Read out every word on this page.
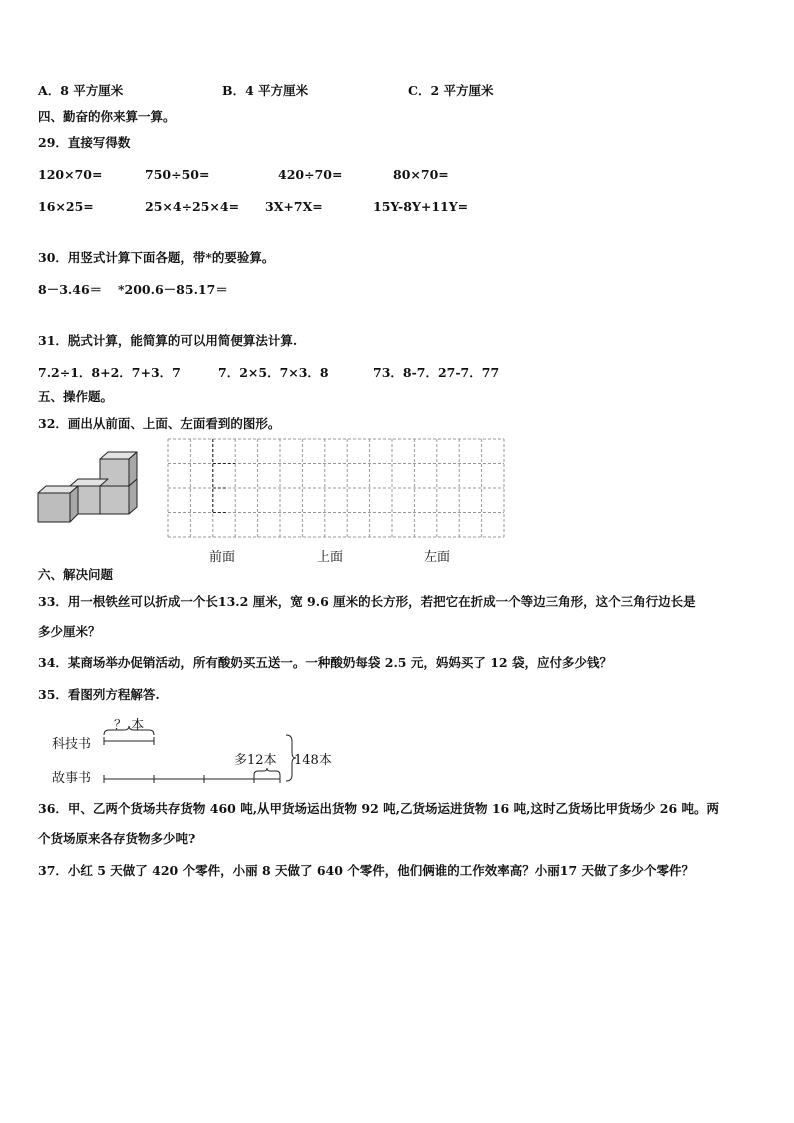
A．8 平方厘米	B．4 平方厘米	C．2 平方厘米
四、勤奋的你来算一算。
29．直接写得数
120×70=	750÷50=	420÷70=	80×70=
16×25=	25×4÷25×4= 3X+7X=	15Y-8Y+11Y=
30．用竖式计算下面各题，带*的要验算。
8－3.46＝ *200.6－85.17＝
31．脱式计算，能简算的可以用简便算法计算.
7.2÷1．8+2．7+3．7	7．2×5．7×3．8	73．8-7．27-7．77
五、操作题。
32．画出从前面、上面、左面看到的图形。
前面	上面	左面
六、解决问题
33．用一根铁丝可以折成一个长13.2 厘米，宽 9.6 厘米的长方形，若把它在折成一个等边三角形，这个三角行边长是
多少厘米？
34．某商场举办促销活动，所有酸奶买五送一。一种酸奶每袋 2.5 元，妈妈买了 12 袋，应付多少钱？
35．看图列方程解答.
科技书
故事书
？ 本
多12本 148本
36．甲、乙两个货场共存货物 460 吨,从甲货场运出货物 92 吨,乙货场运进货物 16 吨,这时乙货场比甲货场少 26 吨。两
个货场原来各存货物多少吨?
37．小红 5 天做了 420 个零件，小丽 8 天做了 640 个零件，他们俩谁的工作效率高？小丽17 天做了多少个零件？
